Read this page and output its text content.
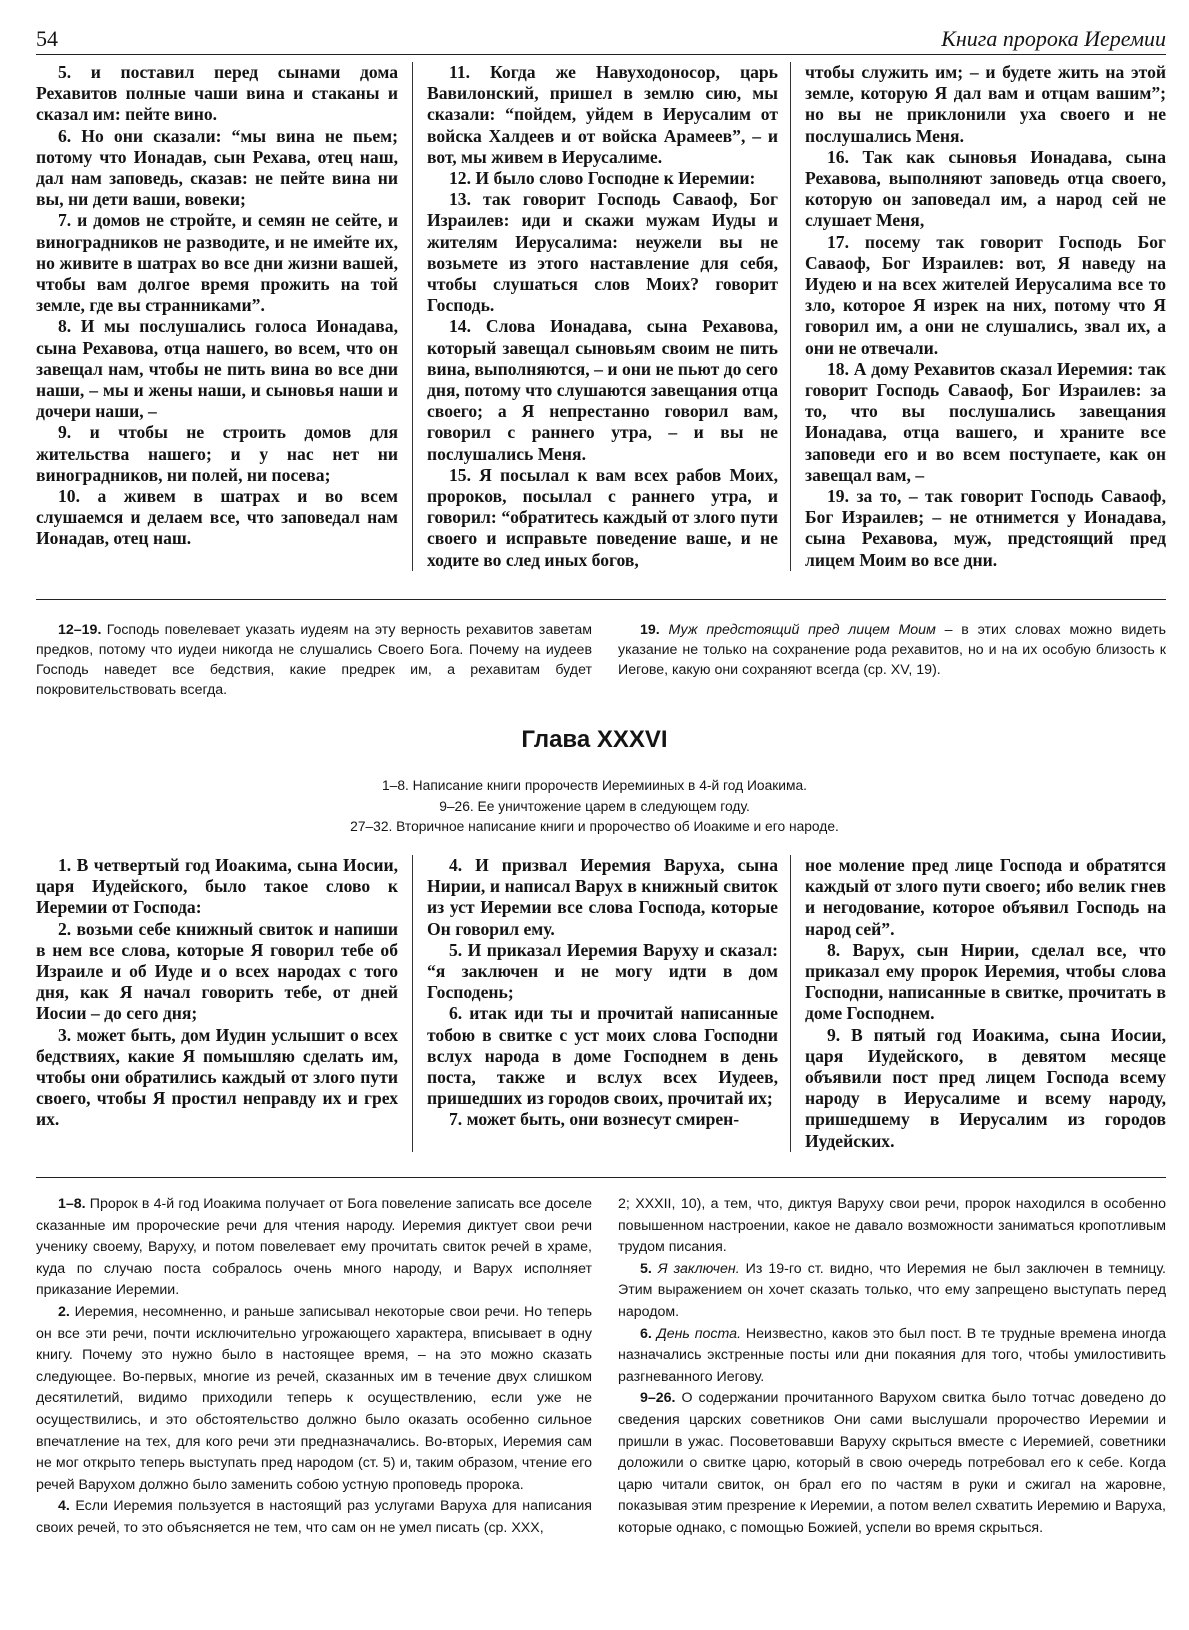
54	Книга пророка Иеремии

5. и поставил перед сынами дома Рехавитов полные чаши вина и стаканы и сказал им: пейте вино.

6. Но они сказали: “мы вина не пьем; потому что Ионадав, сын Рехава, отец наш, дал нам заповедь, сказав: не пейте вина ни вы, ни дети ваши, вовеки;

7. и домов не стройте, и семян не сейте, и виноградников не разводите, и не имейте их, но живите в шатрах во все дни жизни вашей, чтобы вам долгое время прожить на той земле, где вы странниками”.

8. И мы послушались голоса Ионадава, сына Рехавова, отца нашего, во всем, что он завещал нам, чтобы не пить вина во все дни наши, – мы и жены наши, и сыновья наши и дочери наши, –

9. и чтобы не строить домов для жительства нашего; и у нас нет ни виноградников, ни полей, ни посева;

10. а живем в шатрах и во всем слушаемся и делаем все, что заповедал нам Ионадав, отец наш.

11. Когда же Навуходоносор, царь Вавилонский, пришел в землю сию, мы сказали: “пойдем, уйдем в Иерусалим от войска Халдеев и от войска Арамеев”, – и вот, мы живем в Иерусалиме.

12. И было слово Господне к Иеремии:

13. так говорит Господь Саваоф, Бог Израилев: иди и скажи мужам Иуды и жителям Иерусалима: неужели вы не возьмете из этого наставление для себя, чтобы слушаться слов Моих? говорит Господь.

14. Слова Ионадава, сына Рехавова, который завещал сыновьям своим не пить вина, выполняются, – и они не пьют до сего дня, потому что слушаются завещания отца своего; а Я непрестанно говорил вам, говорил с раннего утра, – и вы не послушались Меня.

15. Я посылал к вам всех рабов Моих, пророков, посылал с раннего утра, и говорил: “обратитесь каждый от злого пути своего и исправьте поведение ваше, и не ходите во след иных богов,

чтобы служить им; – и будете жить на этой земле, которую Я дал вам и отцам вашим”; но вы не приклонили уха своего и не послушались Меня.

16. Так как сыновья Ионадава, сына Рехавова, выполняют заповедь отца своего, которую он заповедал им, а народ сей не слушает Меня,

17. посему так говорит Господь Бог Саваоф, Бог Израилев: вот, Я наведу на Иудею и на всех жителей Иерусалима все то зло, которое Я изрек на них, потому что Я говорил им, а они не слушались, звал их, а они не отвечали.

18. А дому Рехавитов сказал Иеремия: так говорит Господь Саваоф, Бог Израилев: за то, что вы послушались завещания Ионадава, отца вашего, и храните все заповеди его и во всем поступаете, как он завещал вам, –

19. за то, – так говорит Господь Саваоф, Бог Израилев; – не отнимется у Ионадава, сына Рехавова, муж, предстоящий пред лицем Моим во все дни.

12–19. Господь повелевает указать иудеям на эту верность рехавитов заветам предков, потому что иудеи никогда не слушались Своего Бога. Почему на иудеев Господь наведет все бедствия, какие предрек им, а рехавитам будет покровительствовать всегда.

19. Муж предстоящий пред лицем Моим – в этих словах можно видеть указание не только на сохранение рода рехавитов, но и на их особую близость к Иегове, какую они сохраняют всегда (ср. XV, 19).

Глава XXXVI
1–8. Написание книги пророчеств Иеремииных в 4-й год Иоакима.
9–26. Ее уничтожение царем в следующем году.
27–32. Вторичное написание книги и пророчество об Иоакиме и его народе.

1. В четвертый год Иоакима, сына Иосии, царя Иудейского, было такое слово к Иеремии от Господа:

2. возьми себе книжный свиток и напиши в нем все слова, которые Я говорил тебе об Израиле и об Иуде и о всех народах с того дня, как Я начал говорить тебе, от дней Иосии – до сего дня;

3. может быть, дом Иудин услышит о всех бедствиях, какие Я помышляю сделать им, чтобы они обратились каждый от злого пути своего, чтобы Я простил неправду их и грех их.

4. И призвал Иеремия Варуха, сына Нирии, и написал Варух в книжный свиток из уст Иеремии все слова Господа, которые Он говорил ему.

5. И приказал Иеремия Варуху и сказал: “я заключен и не могу идти в дом Господень;

6. итак иди ты и прочитай написанные тобою в свитке с уст моих слова Господни вслух народа в доме Господнем в день поста, также и вслух всех Иудеев, пришедших из городов своих, прочитай их;

7. может быть, они вознесут смирен-

ное моление пред лице Господа и обратятся каждый от злого пути своего; ибо велик гнев и негодование, которое объявил Господь на народ сей”.

8. Варух, сын Нирии, сделал все, что приказал ему пророк Иеремия, чтобы слова Господни, написанные в свитке, прочитать в доме Господнем.

9. В пятый год Иоакима, сына Иосии, царя Иудейского, в девятом месяце объявили пост пред лицем Господа всему народу в Иерусалиме и всему народу, пришедшему в Иерусалим из городов Иудейских.

1–8. Пророк в 4-й год Иоакима получает от Бога повеление записать все доселе сказанные им пророческие речи для чтения народу. Иеремия диктует свои речи ученику своему, Варуху, и потом повелевает ему прочитать свиток речей в храме, куда по случаю поста собралось очень много народу, и Варух исполняет приказание Иеремии.

2. Иеремия, несомненно, и раньше записывал некоторые свои речи. Но теперь он все эти речи, почти исключительно угрожающего характера, вписывает в одну книгу. Почему это нужно было в настоящее время, – на это можно сказать следующее. Во-первых, многие из речей, сказанных им в течение двух слишком десятилетий, видимо приходили теперь к осуществлению, если уже не осуществились, и это обстоятельство должно было оказать особенно сильное впечатление на тех, для кого речи эти предназначались. Во-вторых, Иеремия сам не мог открыто теперь выступать пред народом (ст. 5) и, таким образом, чтение его речей Варухом должно было заменить собою устную проповедь пророка.

4. Если Иеремия пользуется в настоящий раз услугами Варуха для написания своих речей, то это объясняется не тем, что сам он не умел писать (ср. XXX,

2; XXXII, 10), а тем, что, диктуя Варуху свои речи, пророк находился в особенно повышенном настроении, какое не давало возможности заниматься кропотливым трудом писания.

5. Я заключен. Из 19-го ст. видно, что Иеремия не был заключен в темницу. Этим выражением он хочет сказать только, что ему запрещено выступать перед народом.

6. День поста. Неизвестно, каков это был пост. В те трудные времена иногда назначались экстренные посты или дни покаяния для того, чтобы умилостивить разгневанного Иегову.

9–26. О содержании прочитанного Варухом свитка было тотчас доведено до сведения царских советников Они сами выслушали пророчество Иеремии и пришли в ужас. Посоветовавши Варуху скрыться вместе с Иеремией, советники доложили о свитке царю, который в свою очередь потребовал его к себе. Когда царю читали свиток, он брал его по частям в руки и сжигал на жаровне, показывая этим презрение к Иеремии, а потом велел схватить Иеремию и Варуха, которые однако, с помощью Божией, успели во время скрыться.
